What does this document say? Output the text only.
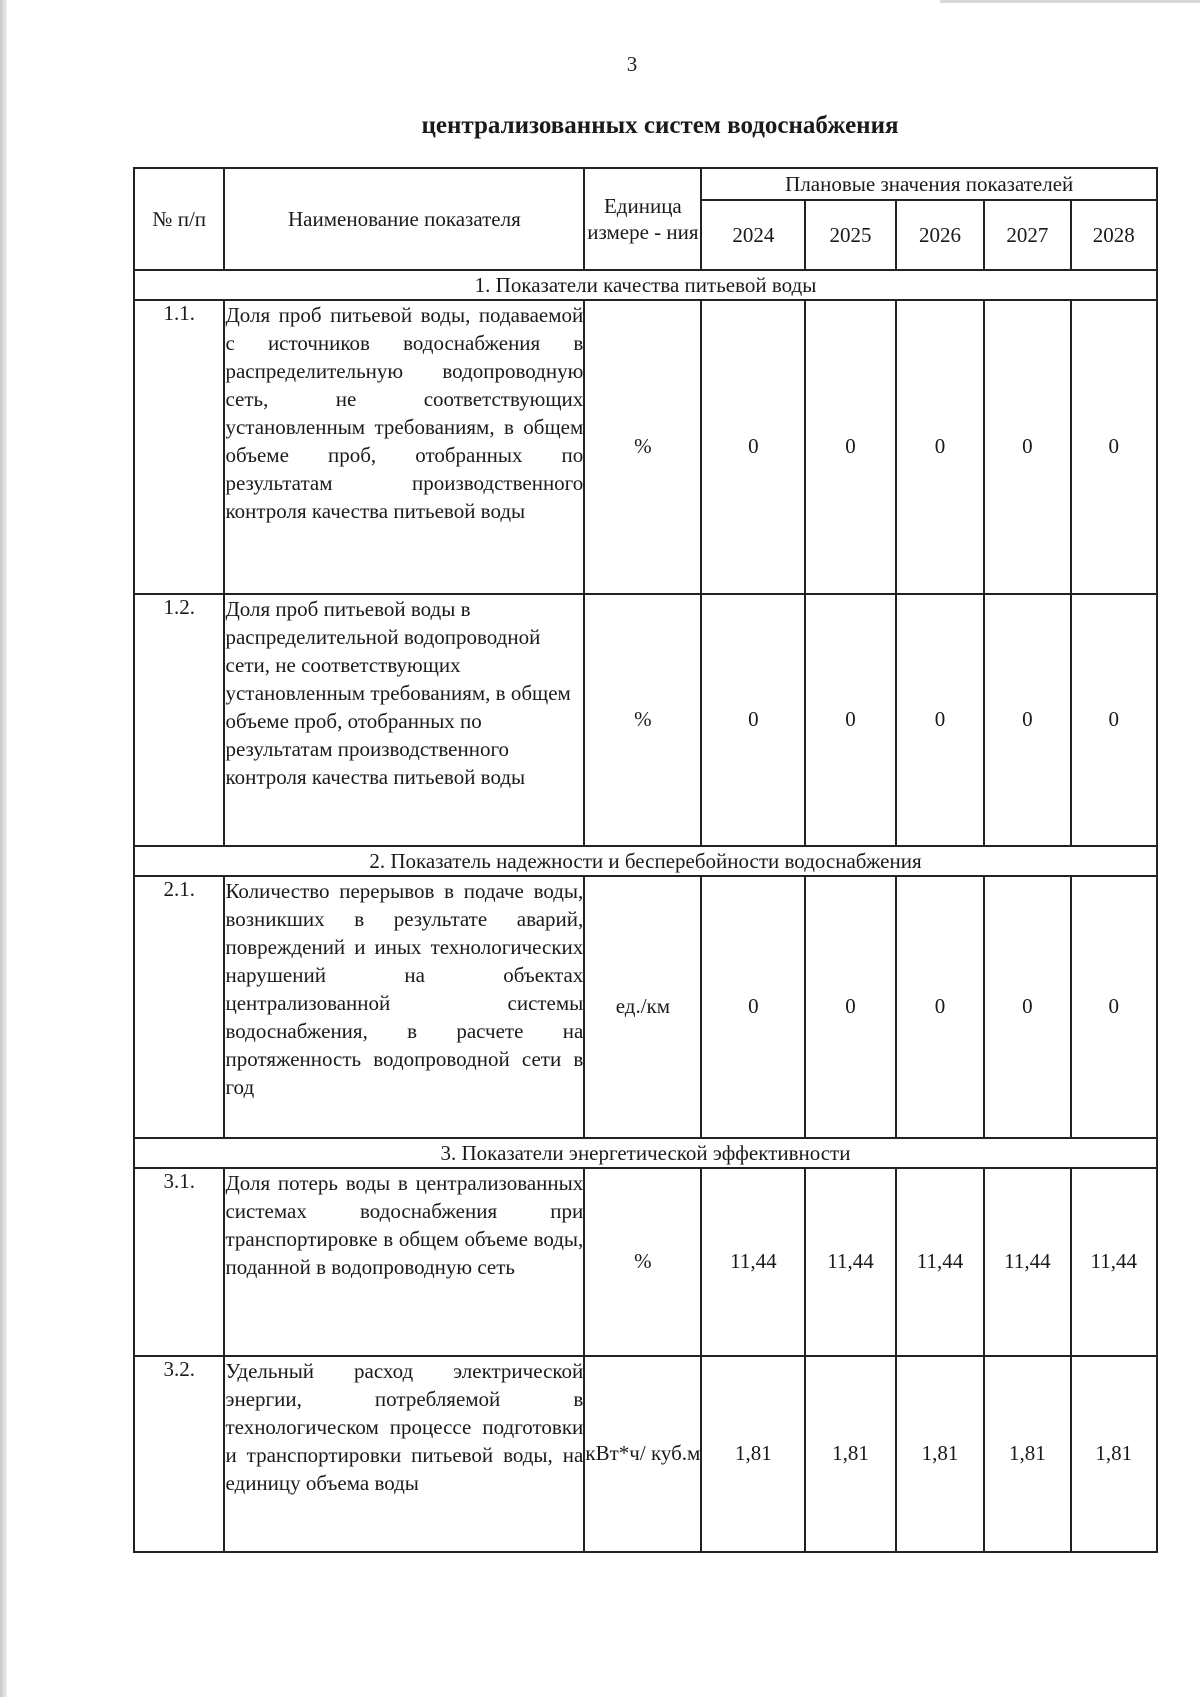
3
централизованных систем водоснабжения
№ п/п	Наименование показателя	Единица измере - ния	Плановые значения показателей				
			2024	2025	2026	2027	2028
1. Показатели качества питьевой воды							
1.1.	Доля проб питьевой воды, подаваемой с источников водоснабжения в распределительную водопроводную сеть, не соответствующих установленным требованиям, в общем объеме проб, отобранных по результатам производственного контроля качества питьевой воды	%	0	0	0	0	0
1.2.	Доля проб питьевой воды в распределительной водопроводной сети, не соответствующих установленным требованиям, в общем объеме проб, отобранных по результатам производственного контроля качества питьевой воды	%	0	0	0	0	0
2. Показатель надежности и бесперебойности водоснабжения							
2.1.	Количество перерывов в подаче воды, возникших в результате аварий, повреждений и иных технологических нарушений на объектах централизованной системы водоснабжения, в расчете на протяженность водопроводной сети в год	ед./км	0	0	0	0	0
3. Показатели энергетической эффективности							
3.1.	Доля потерь воды в централизованных системах водоснабжения при транспортировке в общем объеме воды, поданной в водопроводную сеть	%	11,44	11,44	11,44	11,44	11,44
3.2.	Удельный расход электрической энергии, потребляемой в технологическом процессе подготовки и транспортировки питьевой воды, на единицу объема воды	кВт*ч/ куб.м	1,81	1,81	1,81	1,81	1,81
